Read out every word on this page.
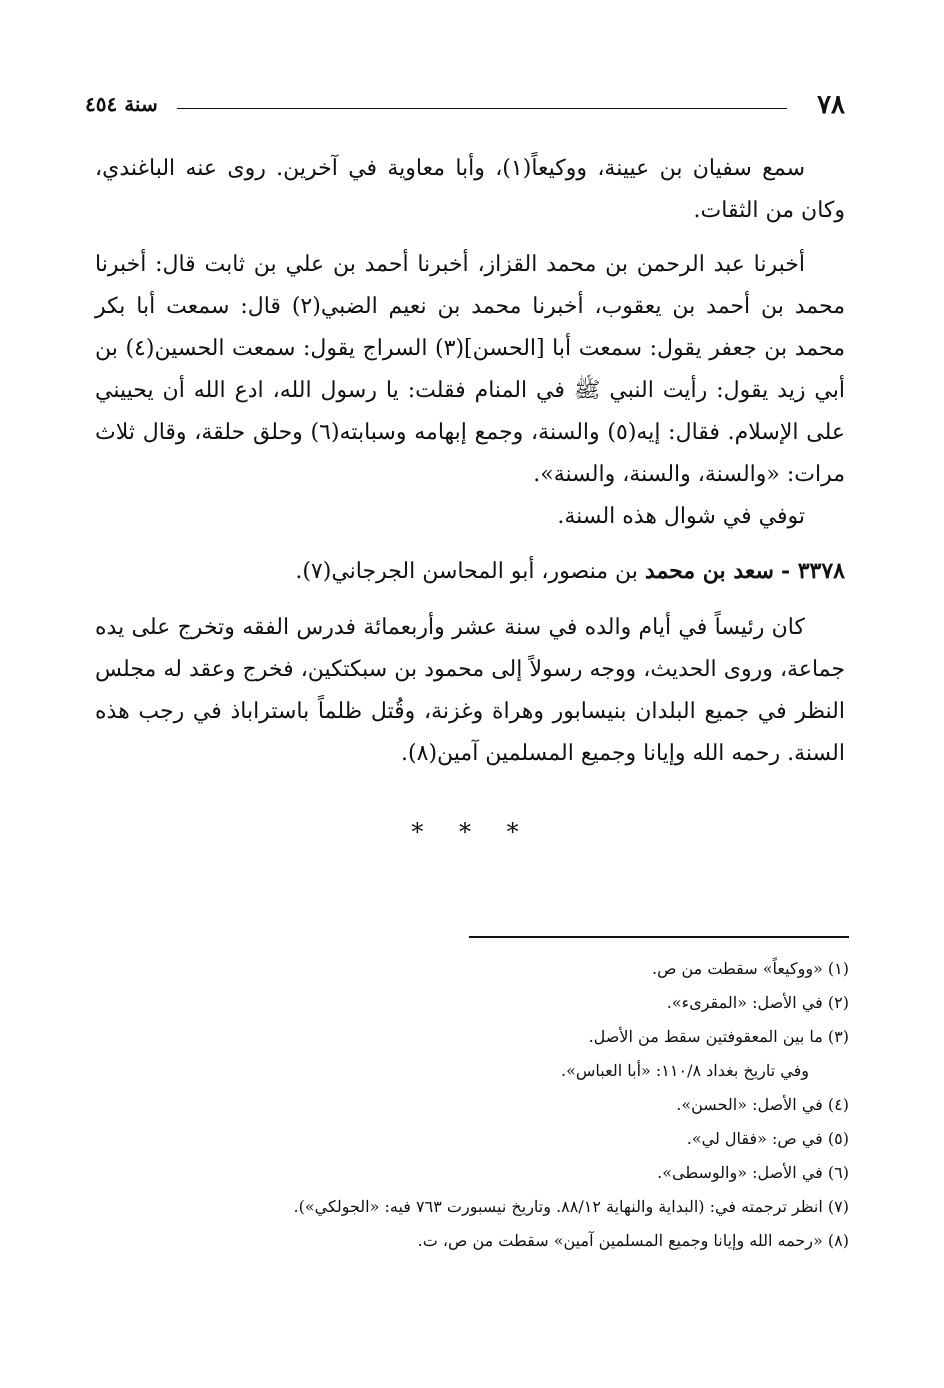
٧٨
سنة ٤٥٤

سمع سفيان بن عيينة، ووكيعاً(١)، وأبا معاوية في آخرين. روى عنه الباغندي، وكان من الثقات.

أخبرنا عبد الرحمن بن محمد القزاز، أخبرنا أحمد بن علي بن ثابت قال: أخبرنا محمد بن أحمد بن يعقوب، أخبرنا محمد بن نعيم الضبي(٢) قال: سمعت أبا بكر محمد بن جعفر يقول: سمعت أبا [الحسن](٣) السراج يقول: سمعت الحسين(٤) بن أبي زيد يقول: رأيت النبي ﷺ في المنام فقلت: يا رسول الله، ادع الله أن يحييني على الإسلام. فقال: إيه(٥) والسنة، وجمع إبهامه وسبابته(٦) وحلق حلقة، وقال ثلاث مرات: «والسنة، والسنة، والسنة».

توفي في شوال هذه السنة.

٣٣٧٨ - سعد بن محمد بن منصور، أبو المحاسن الجرجاني(٧).

كان رئيساً في أيام والده في سنة عشر وأربعمائة فدرس الفقه وتخرج على يده جماعة، وروى الحديث، ووجه رسولاً إلى محمود بن سبكتكين، فخرج وعقد له مجلس النظر في جميع البلدان بنيسابور وهراة وغزنة، وقُتل ظلماً باستراباذ في رجب هذه السنة. رحمه الله وإيانا وجميع المسلمين آمين(٨).

* * *

(١) «ووكيعاً» سقطت من ص.

(٢) في الأصل: «المقرىء».

(٣) ما بين المعقوفتين سقط من الأصل.

وفي تاريخ بغداد ١١٠/٨: «أبا العباس».

(٤) في الأصل: «الحسن».

(٥) في ص: «فقال لي».

(٦) في الأصل: «والوسطى».

(٧) انظر ترجمته في: (البداية والنهاية ٨٨/١٢. وتاريخ نيسبورت ٧٦٣ فيه: «الجولكي»).

(٨) «رحمه الله وإيانا وجميع المسلمين آمين» سقطت من ص، ت.
